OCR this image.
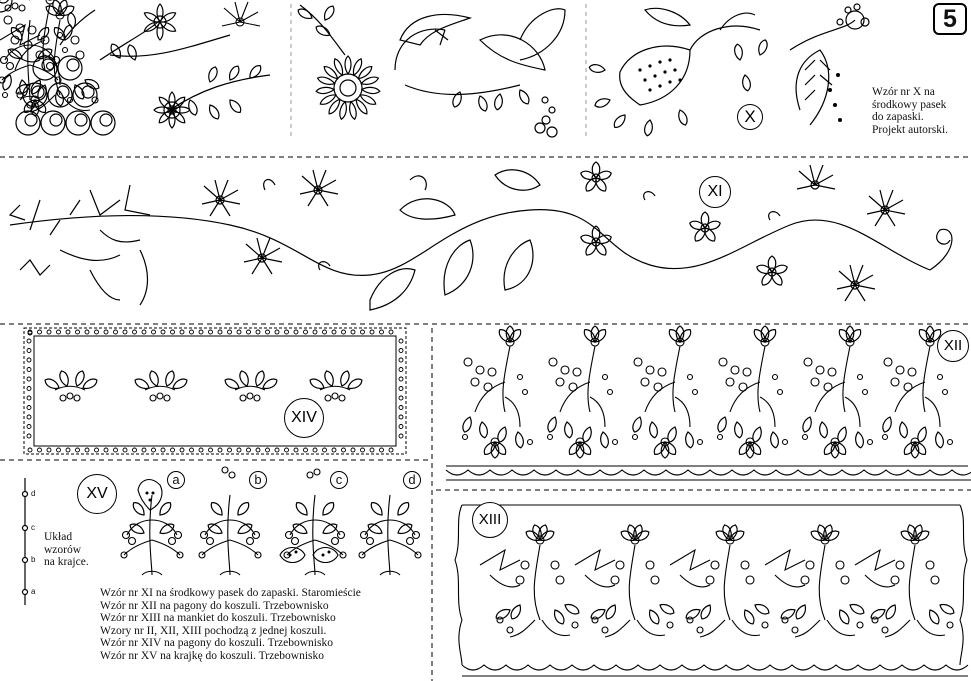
5
X
XI
XII
XIII
XIV
XV
a	b	c	d
d
c
b
a
Wzór nr X na
środkowy pasek
do zapaski.
Projekt autorski.
Układ
wzorów
na krajce.
Wzór nr XI na środkowy pasek do zapaski. Staromieście
Wzór nr XII na pagony do koszuli. Trzebownisko
Wzór nr XIII na mankiet do koszuli. Trzebownisko
Wzory nr II, XII, XIII pochodzą z jednej koszuli.
Wzór nr XIV na pagony do koszuli. Trzebownisko
Wzór nr XV na krajkę do koszuli. Trzebownisko
